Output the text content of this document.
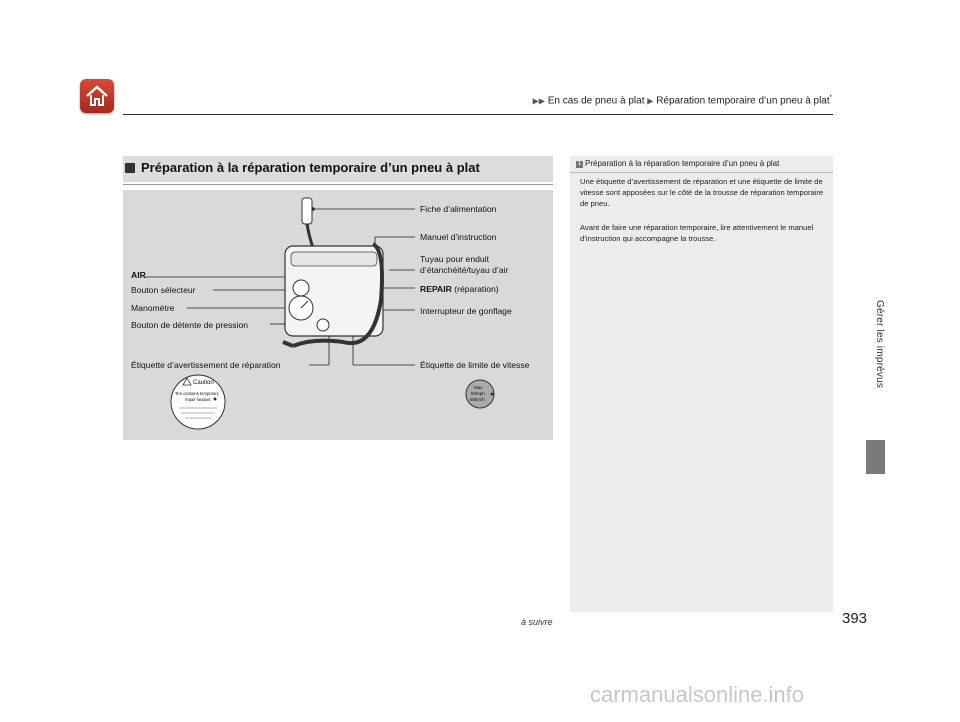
▶▶ En cas de pneu à plat ▶ Réparation temporaire d’un pneu à plat*
Gérer les imprévus
Préparation à la réparation temporaire d’un pneu à plat
Caution
Tire contains temporary
repair sealant.
Max
50mph
80km/h
Fiche d’alimentation
Manuel d’instruction
Tuyau pour enduit
d’étanchéité/tuyau d’air
AIR
Bouton sélecteur	REPAIR (réparation)
Manomètre	Interrupteur de gonflage
Bouton de détente de pression
Étiquette d’avertissement de réparation	Étiquette de limite de vitesse
1 Préparation à la réparation temporaire d’un pneu à plat
Une étiquette d’avertissement de réparation et une étiquette de limite de vitesse sont apposées sur le côté de la trousse de réparation temporaire de pneu.
Avant de faire une réparation temporaire, lire attentivement le manuel d’instruction qui accompagne la trousse.
à suivre	393
carmanualsonline.info
